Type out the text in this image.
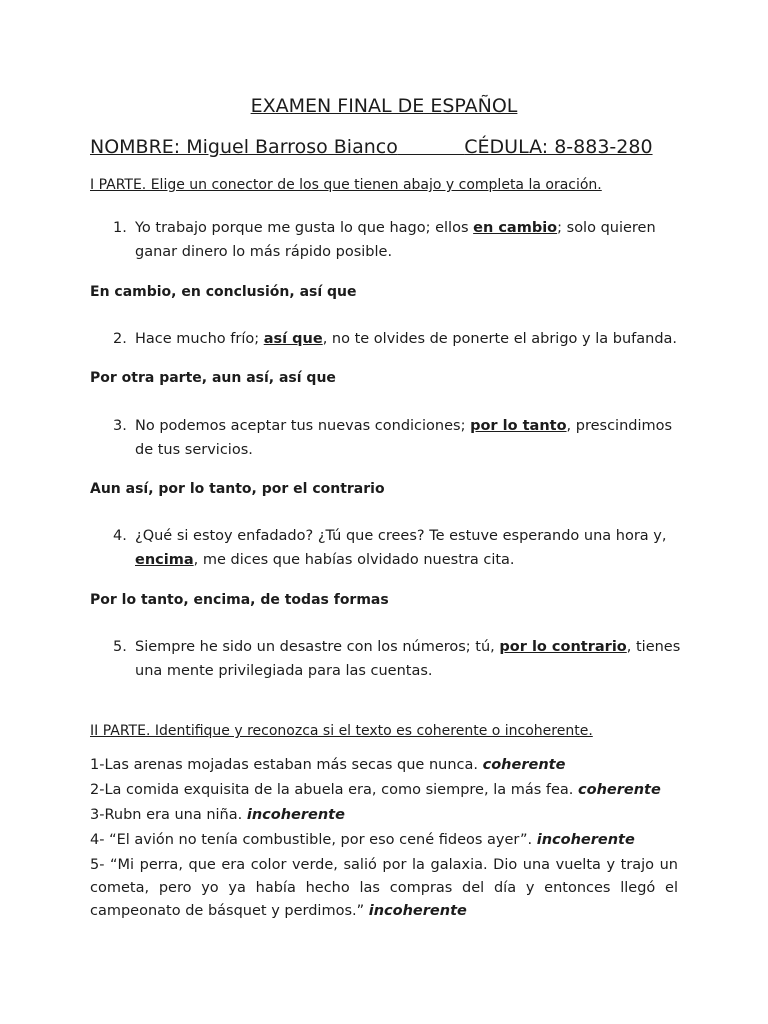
EXAMEN FINAL DE ESPAÑOL
NOMBRE: Miguel Barroso Bianco	CÉDULA: 8-883-280
I PARTE. Elige un conector de los que tienen abajo y completa la oración.
1. Yo trabajo porque me gusta lo que hago; ellos en cambio; solo quieren ganar dinero lo más rápido posible.
En cambio, en conclusión, así que
2. Hace mucho frío; así que, no te olvides de ponerte el abrigo y la bufanda.
Por otra parte, aun así, así que
3. No podemos aceptar tus nuevas condiciones; por lo tanto, prescindimos de tus servicios.
Aun así, por lo tanto, por el contrario
4. ¿Qué si estoy enfadado? ¿Tú que crees? Te estuve esperando una hora y, encima, me dices que habías olvidado nuestra cita.
Por lo tanto, encima, de todas formas
5. Siempre he sido un desastre con los números; tú, por lo contrario, tienes una mente privilegiada para las cuentas.
II PARTE. Identifique y reconozca si el texto es coherente o incoherente.
1-Las arenas mojadas estaban más secas que nunca. coherente
2-La comida exquisita de la abuela era, como siempre, la más fea. coherente
3-Rubn era una niña. incoherente
4- “El avión no tenía combustible, por eso cené fideos ayer”. incoherente
5- “Mi perra, que era color verde, salió por la galaxia. Dio una vuelta y trajo un cometa, pero yo ya había hecho las compras del día y entonces llegó el campeonato de básquet y perdimos.” incoherente
